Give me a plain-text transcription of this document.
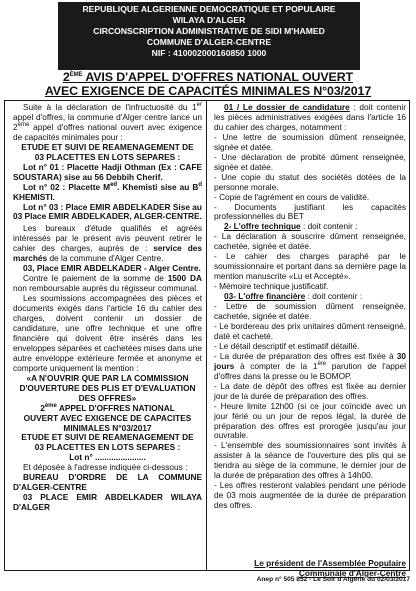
REPUBLIQUE ALGERIENNE DEMOCRATIQUE ET POPULAIRE
WILAYA D'ALGER
CIRCONSCRIPTION ADMINISTRATIVE DE SIDI M'HAMED
COMMUNE D'ALGER-CENTRE
NIF : 410002000160850 1000
2ÈME AVIS D'APPEL D'OFFRES NATIONAL OUVERT
AVEC EXIGENCE DE CAPACITÉS MINIMALES N°03/2017

Suite à la déclaration de l'infructuosité du 1er appel d'offres, la commune d'Alger centre lance un 2ème appel d'offres national ouvert avec exigence de capacités minimales pour :

ETUDE ET SUIVI DE REAMENAGEMENT DE

03 PLACETTES EN LOTS SEPARES :

Lot n° 01 : Placette Hadji Othman (Ex : CAFE SOUSTARA) sise au 56 Debbih Cherif.

Lot n° 02 : Placette $M^{ed}$. Khemisti sise au $B^d$ KHEMISTI.

Lot n° 03 : Place EMIR ABDELKADER Sise au 03 Place EMIR ABDELKADER, ALGER-CENTRE.

Les bureaux d'étude qualifiés et agréés intéressés par le présent avis peuvent retirer le cahier des charges, auprès de : service des marchés de la commune d'Alger Centre.

03, Place EMIR ABDELKADER - Alger Centre.

Contre le paiement de la somme de 1500 DA non remboursable auprès du régisseur communal.

Les soumissions accompagnées des pièces et documents exigés dans l'article 16 du cahier des charges, doivent contenir un dossier de candidature, une offre technique et une offre financière qui doivent être insérés dans les enveloppes séparées et cachetées mises dans une autre enveloppe extérieure fermée et anonyme et comporte uniquement la mention :

«A N'OUVRIR QUE PAR LA COMMISSION

D'OUVERTURE DES PLIS ET D'EVALUATION

DES OFFRES»

2ème APPEL D'OFFRES NATIONAL

OUVERT AVEC EXIGENCE DE CAPACITES

MINIMALES N°03/2017

ETUDE ET SUIVI DE REAMENAGEMENT DE

03 PLACETTES EN LOTS SEPARES :

Lot n° ......................

Et déposée à l'adresse indiquée ci-dessous :

BUREAU D'ORDRE DE LA COMMUNE D'ALGER-CENTRE

03 PLACE EMIR ABDELKADER WILAYA D'ALGER

01 / Le dossier de candidature : doit contenir les pièces administratives exigées dans l'article 16 du cahier des charges, notamment :

- Une lettre de soumission dûment renseignée, signée et datée.

- Une déclaration de probité dûment renseignée, signée et datée.

- Une copie du statut des sociétés dotées de la personne morale.

- Copie de l'agrément en cours de validité.

- Documents justifiant les capacités professionnelles du BET

2- L'offre technique : doit contenir :

- La déclaration à souscrire dûment renseignée, cachetée, signée et datée.

- Le cahier des charges paraphé par le soumissionnaire et portant dans sa dernière page la mention manuscrite «Lu et Accepté».

- Mémoire technique justificatif.

03- L'offre financière : doit contenir :

- Lettre de soumission dûment renseignée, cachetée, signée et datée.

- Le bordereau des prix unitaires dûment renseigné, daté et cacheté.

- Le détail descriptif et estimatif détaillé.

- La durée de préparation des offres est fixée à 30 jours à compter de la 1ère parution de l'appel d'offres dans la presse ou le BOMOP.

- La date de dépôt des offres est fixée au dernier jour de la durée de préparation des offres.

- Heure limite 12h00 (si ce jour coïncide avec un jour férié ou un jour de repos légal, la durée de préparation des offres est prorogée jusqu'au jour ouvrable.

- L'ensemble des soumissionnaires sont invités à assister à la séance de l'ouverture des plis qui se tiendra au siège de la commune, le dernier jour de la durée de préparation des offres à 14h00.

- Les offres resteront valables pendant une période de 03 mois augmentée de la durée de préparation des offres.

Le président de l'Assemblée Populaire
Communale d'Alger-Centre
Anep n° 505 852 - Le Soir d'Algérie du 02/03/2017
